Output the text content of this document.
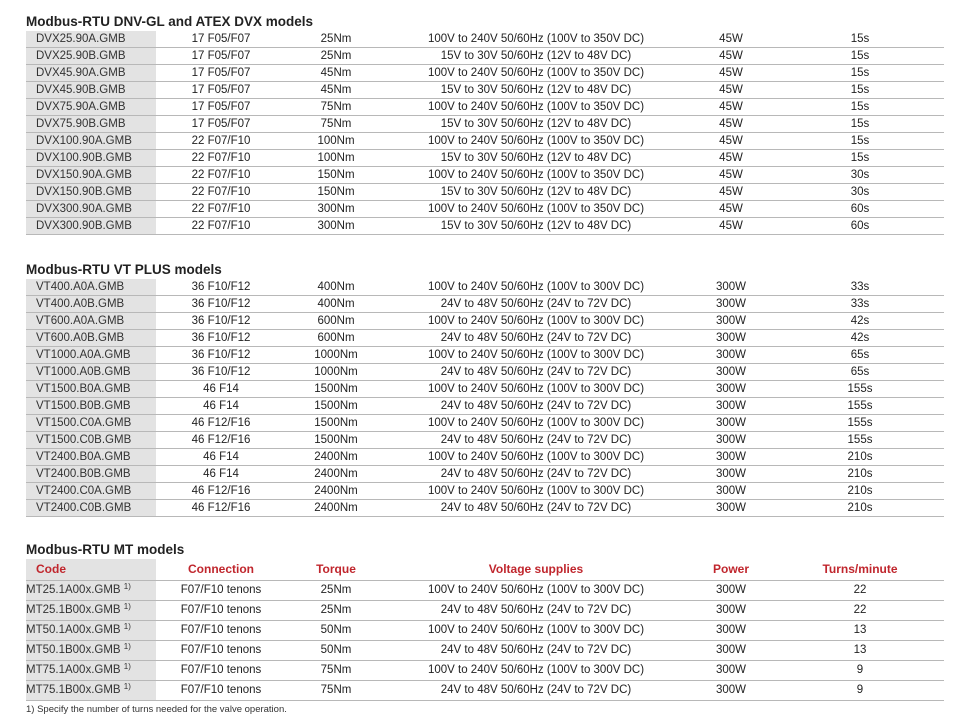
Modbus-RTU DNV-GL and ATEX DVX models
DVX25.90A.GMB	17 F05/F07	25Nm	100V to 240V 50/60Hz (100V to 350V DC)	45W	15s
DVX25.90B.GMB	17 F05/F07	25Nm	15V to 30V 50/60Hz (12V to 48V DC)	45W	15s
DVX45.90A.GMB	17 F05/F07	45Nm	100V to 240V 50/60Hz (100V to 350V DC)	45W	15s
DVX45.90B.GMB	17 F05/F07	45Nm	15V to 30V 50/60Hz (12V to 48V DC)	45W	15s
DVX75.90A.GMB	17 F05/F07	75Nm	100V to 240V 50/60Hz (100V to 350V DC)	45W	15s
DVX75.90B.GMB	17 F05/F07	75Nm	15V to 30V 50/60Hz (12V to 48V DC)	45W	15s
DVX100.90A.GMB	22 F07/F10	100Nm	100V to 240V 50/60Hz (100V to 350V DC)	45W	15s
DVX100.90B.GMB	22 F07/F10	100Nm	15V to 30V 50/60Hz (12V to 48V DC)	45W	15s
DVX150.90A.GMB	22 F07/F10	150Nm	100V to 240V 50/60Hz (100V to 350V DC)	45W	30s
DVX150.90B.GMB	22 F07/F10	150Nm	15V to 30V 50/60Hz (12V to 48V DC)	45W	30s
DVX300.90A.GMB	22 F07/F10	300Nm	100V to 240V 50/60Hz (100V to 350V DC)	45W	60s
DVX300.90B.GMB	22 F07/F10	300Nm	15V to 30V 50/60Hz (12V to 48V DC)	45W	60s
Modbus-RTU VT PLUS models
VT400.A0A.GMB	36 F10/F12	400Nm	100V to 240V 50/60Hz (100V to 300V DC)	300W	33s
VT400.A0B.GMB	36 F10/F12	400Nm	24V to 48V 50/60Hz (24V to 72V DC)	300W	33s
VT600.A0A.GMB	36 F10/F12	600Nm	100V to 240V 50/60Hz (100V to 300V DC)	300W	42s
VT600.A0B.GMB	36 F10/F12	600Nm	24V to 48V 50/60Hz (24V to 72V DC)	300W	42s
VT1000.A0A.GMB	36 F10/F12	1000Nm	100V to 240V 50/60Hz (100V to 300V DC)	300W	65s
VT1000.A0B.GMB	36 F10/F12	1000Nm	24V to 48V 50/60Hz (24V to 72V DC)	300W	65s
VT1500.B0A.GMB	46 F14	1500Nm	100V to 240V 50/60Hz (100V to 300V DC)	300W	155s
VT1500.B0B.GMB	46 F14	1500Nm	24V to 48V 50/60Hz (24V to 72V DC)	300W	155s
VT1500.C0A.GMB	46 F12/F16	1500Nm	100V to 240V 50/60Hz (100V to 300V DC)	300W	155s
VT1500.C0B.GMB	46 F12/F16	1500Nm	24V to 48V 50/60Hz (24V to 72V DC)	300W	155s
VT2400.B0A.GMB	46 F14	2400Nm	100V to 240V 50/60Hz (100V to 300V DC)	300W	210s
VT2400.B0B.GMB	46 F14	2400Nm	24V to 48V 50/60Hz (24V to 72V DC)	300W	210s
VT2400.C0A.GMB	46 F12/F16	2400Nm	100V to 240V 50/60Hz (100V to 300V DC)	300W	210s
VT2400.C0B.GMB	46 F12/F16	2400Nm	24V to 48V 50/60Hz (24V to 72V DC)	300W	210s
Modbus-RTU MT models
Code	Connection	Torque	Voltage supplies	Power	Turns/minute
MT25.1A00x.GMB $^{1)}$	F07/F10 tenons	25Nm	100V to 240V 50/60Hz (100V to 300V DC)	300W	22
MT25.1B00x.GMB $^{1)}$	F07/F10 tenons	25Nm	24V to 48V 50/60Hz (24V to 72V DC)	300W	22
MT50.1A00x.GMB $^{1)}$	F07/F10 tenons	50Nm	100V to 240V 50/60Hz (100V to 300V DC)	300W	13
MT50.1B00x.GMB $^{1)}$	F07/F10 tenons	50Nm	24V to 48V 50/60Hz (24V to 72V DC)	300W	13
MT75.1A00x.GMB $^{1)}$	F07/F10 tenons	75Nm	100V to 240V 50/60Hz (100V to 300V DC)	300W	9
MT75.1B00x.GMB $^{1)}$	F07/F10 tenons	75Nm	24V to 48V 50/60Hz (24V to 72V DC)	300W	9
1) Specify the number of turns needed for the valve operation.
